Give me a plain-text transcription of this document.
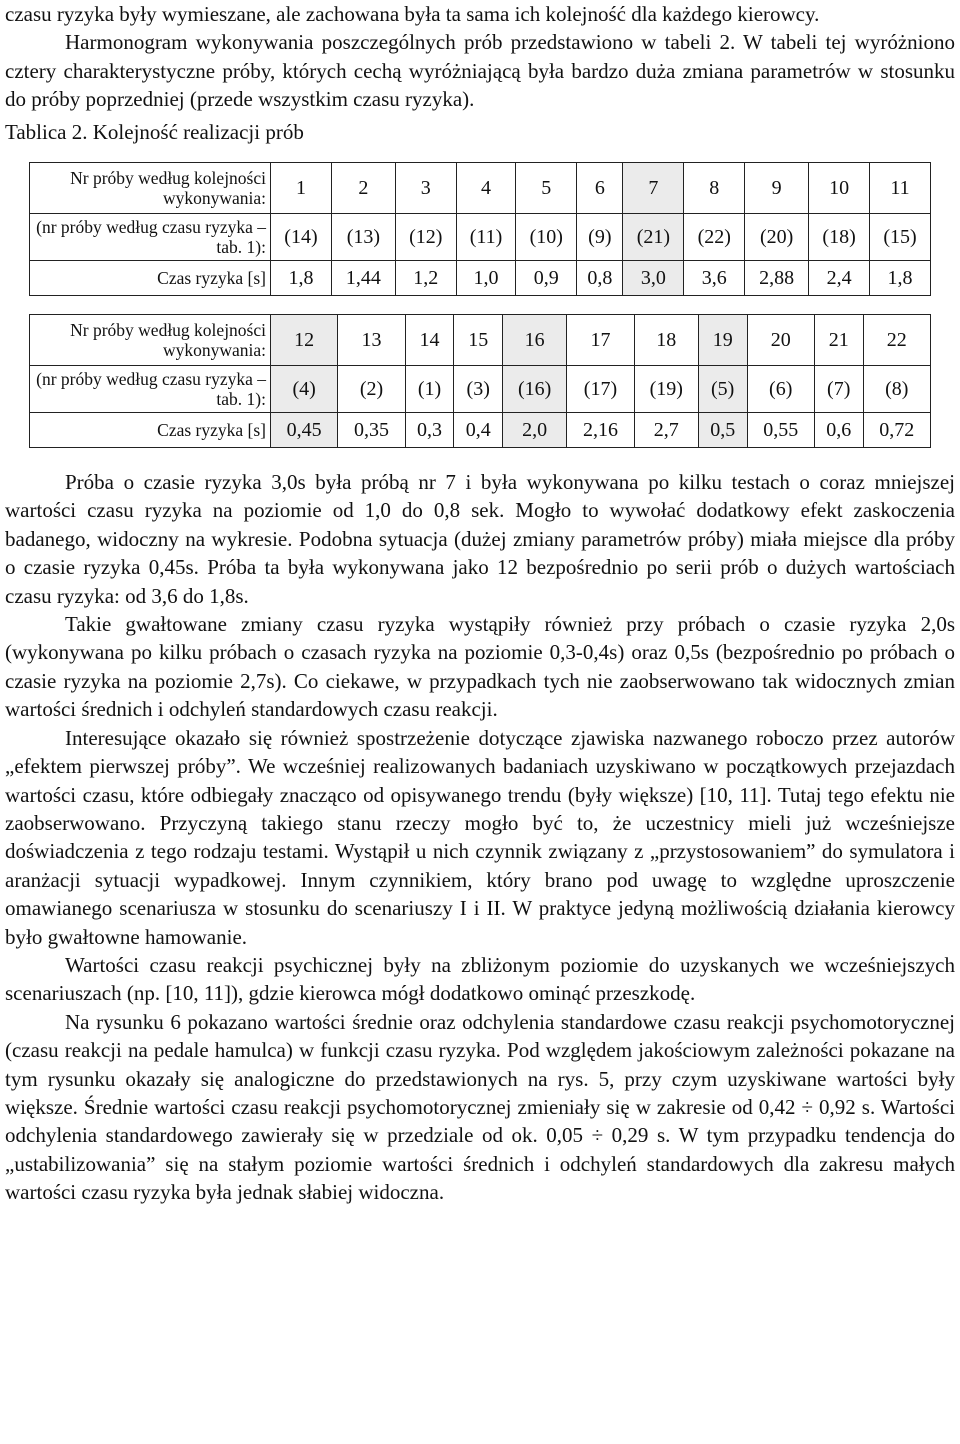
czasu ryzyka były wymieszane, ale zachowana była ta sama ich kolejność dla każdego kierowcy.

Harmonogram wykonywania poszczególnych prób przedstawiono w tabeli 2. W tabeli tej wyróżniono cztery charakterystyczne próby, których cechą wyróżniającą była bardzo duża zmiana parametrów w stosunku do próby poprzedniej (przede wszystkim czasu ryzyka).

Tablica 2. Kolejność realizacji prób

Nr próby według kolejności wykonywania:	1	2	3	4	5	6	7	8	9	10	11
(nr próby według czasu ryzyka – tab. 1):	(14)	(13)	(12)	(11)	(10)	(9)	(21)	(22)	(20)	(18)	(15)
Czas ryzyka [s]	1,8	1,44	1,2	1,0	0,9	0,8	3,0	3,6	2,88	2,4	1,8
Nr próby według kolejności wykonywania:	12	13	14	15	16	17	18	19	20	21	22
(nr próby według czasu ryzyka – tab. 1):	(4)	(2)	(1)	(3)	(16)	(17)	(19)	(5)	(6)	(7)	(8)
Czas ryzyka [s]	0,45	0,35	0,3	0,4	2,0	2,16	2,7	0,5	0,55	0,6	0,72

Próba o czasie ryzyka 3,0s była próbą nr 7 i była wykonywana po kilku testach o coraz mniejszej wartości czasu ryzyka na poziomie od 1,0 do 0,8 sek. Mogło to wywołać dodatkowy efekt zaskoczenia badanego, widoczny na wykresie. Podobna sytuacja (dużej zmiany parametrów próby) miała miejsce dla próby o czasie ryzyka 0,45s. Próba ta była wykonywana jako 12 bezpośrednio po serii prób o dużych wartościach czasu ryzyka: od 3,6 do 1,8s.

Takie gwałtowane zmiany czasu ryzyka wystąpiły również przy próbach o czasie ryzyka 2,0s (wykonywana po kilku próbach o czasach ryzyka na poziomie 0,3-0,4s) oraz 0,5s (bezpośrednio po próbach o czasie ryzyka na poziomie 2,7s). Co ciekawe, w przypadkach tych nie zaobserwowano tak widocznych zmian wartości średnich i odchyleń standardowych czasu reakcji.

Interesujące okazało się również spostrzeżenie dotyczące zjawiska nazwanego roboczo przez autorów „efektem pierwszej próby”. We wcześniej realizowanych badaniach uzyskiwano w początkowych przejazdach wartości czasu, które odbiegały znacząco od opisywanego trendu (były większe) [10, 11]. Tutaj tego efektu nie zaobserwowano. Przyczyną takiego stanu rzeczy mogło być to, że uczestnicy mieli już wcześniejsze doświadczenia z tego rodzaju testami. Wystąpił u nich czynnik związany z „przystosowaniem” do symulatora i aranżacji sytuacji wypadkowej. Innym czynnikiem, który brano pod uwagę to względne uproszczenie omawianego scenariusza w stosunku do scenariuszy I i II. W praktyce jedyną możliwością działania kierowcy było gwałtowne hamowanie.

Wartości czasu reakcji psychicznej były na zbliżonym poziomie do uzyskanych we wcześniejszych scenariuszach (np. [10, 11]), gdzie kierowca mógł dodatkowo ominąć przeszkodę.

Na rysunku 6 pokazano wartości średnie oraz odchylenia standardowe czasu reakcji psychomotorycznej (czasu reakcji na pedale hamulca) w funkcji czasu ryzyka. Pod względem jakościowym zależności pokazane na tym rysunku okazały się analogiczne do przedstawionych na rys. 5, przy czym uzyskiwane wartości były większe. Średnie wartości czasu reakcji psychomotorycznej zmieniały się w zakresie od 0,42 ÷ 0,92 s. Wartości odchylenia standardowego zawierały się w przedziale od ok. 0,05 ÷ 0,29 s. W tym przypadku tendencja do „ustabilizowania” się na stałym poziomie wartości średnich i odchyleń standardowych dla zakresu małych wartości czasu ryzyka była jednak słabiej widoczna.
